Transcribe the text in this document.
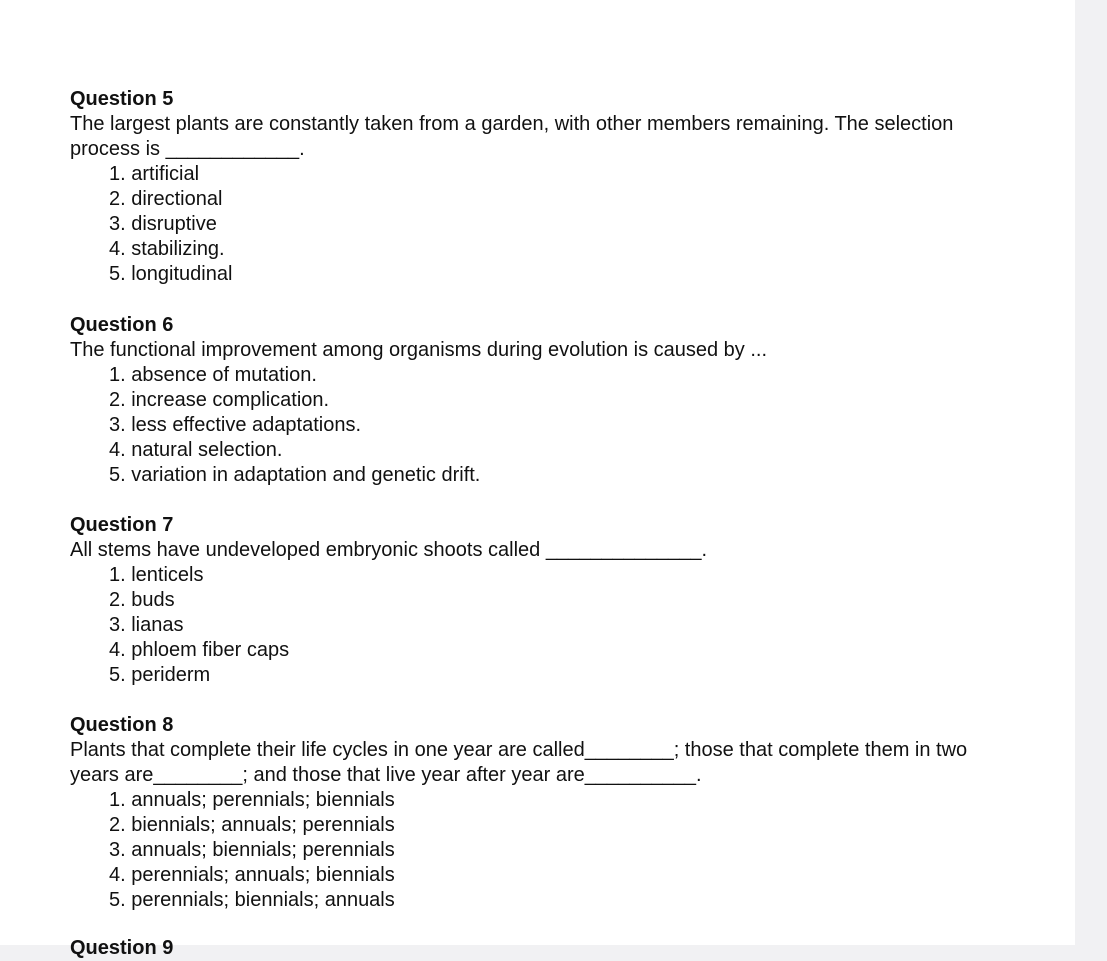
Question 5

The largest plants are constantly taken from a garden, with other members remaining. The selection process is ____________.

1. artificial
2. directional
3. disruptive
4. stabilizing.
5. longitudinal

Question 6

The functional improvement among organisms during evolution is caused by ...

1. absence of mutation.
2. increase complication.
3. less effective adaptations.
4. natural selection.
5. variation in adaptation and genetic drift.

Question 7

All stems have undeveloped embryonic shoots called ______________.

1. lenticels
2. buds
3. lianas
4. phloem fiber caps
5. periderm

Question 8

Plants that complete their life cycles in one year are called________; those that complete them in two years are________; and those that live year after year are__________.

1. annuals; perennials; biennials
2. biennials; annuals; perennials
3. annuals; biennials; perennials
4. perennials; annuals; biennials
5. perennials; biennials; annuals

Question 9
